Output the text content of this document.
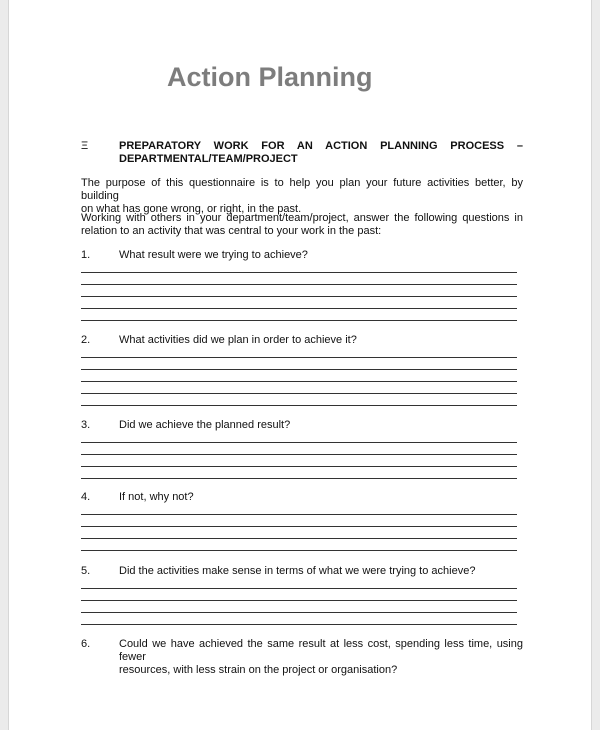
Action Planning
Ξ	PREPARATORY WORK FOR AN ACTION PLANNING PROCESS –
DEPARTMENTAL/TEAM/PROJECT
The purpose of this questionnaire is to help you plan your future activities better, by building
on what has gone wrong, or right, in the past.
Working with others in your department/team/project, answer the following questions in
relation to an activity that was central to your work in the past:
1.	What result were we trying to achieve?
2.	What activities did we plan in order to achieve it?
3.	Did we achieve the planned result?
4.	If not, why not?
5.	Did the activities make sense in terms of what we were trying to achieve?
6.	Could we have achieved the same result at less cost, spending less time, using fewer
resources, with less strain on the project or organisation?
